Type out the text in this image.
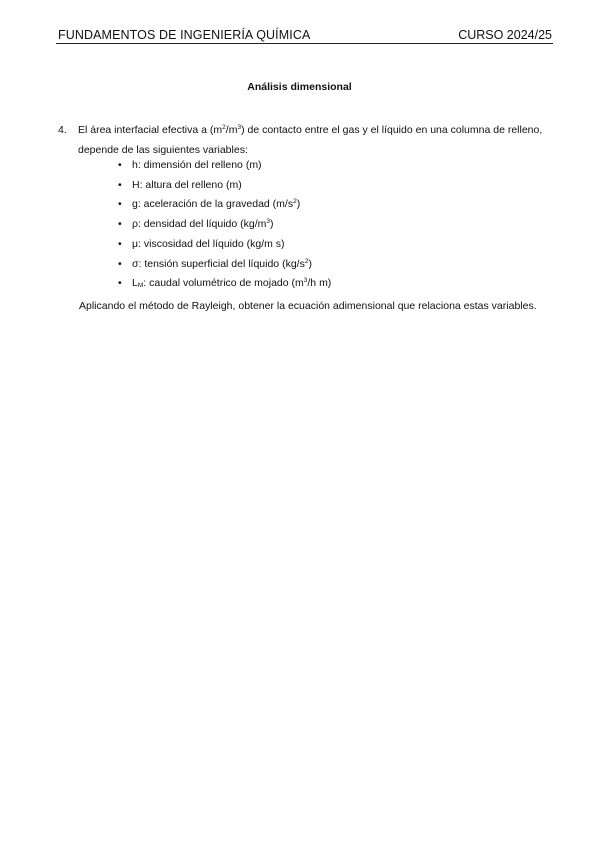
FUNDAMENTOS DE INGENIERÍA QUÍMICA	CURSO 2024/25
Análisis dimensional
4. El área interfacial efectiva a $(m^2/m^3)$ de contacto entre el gas y el líquido en una columna de relleno, depende de las siguientes variables:
• h: dimensión del relleno (m)
• H: altura del relleno (m)
• g: aceleración de la gravedad $(m/s^2)$
• ρ: densidad del líquido $(kg/m^3)$
• μ: viscosidad del líquido (kg/m s)
• σ: tensión superficial del líquido $(kg/s^2)$
• $L_M$: caudal volumétrico de mojado ($m^3/h$ m)
Aplicando el método de Rayleigh, obtener la ecuación adimensional que relaciona estas variables.
